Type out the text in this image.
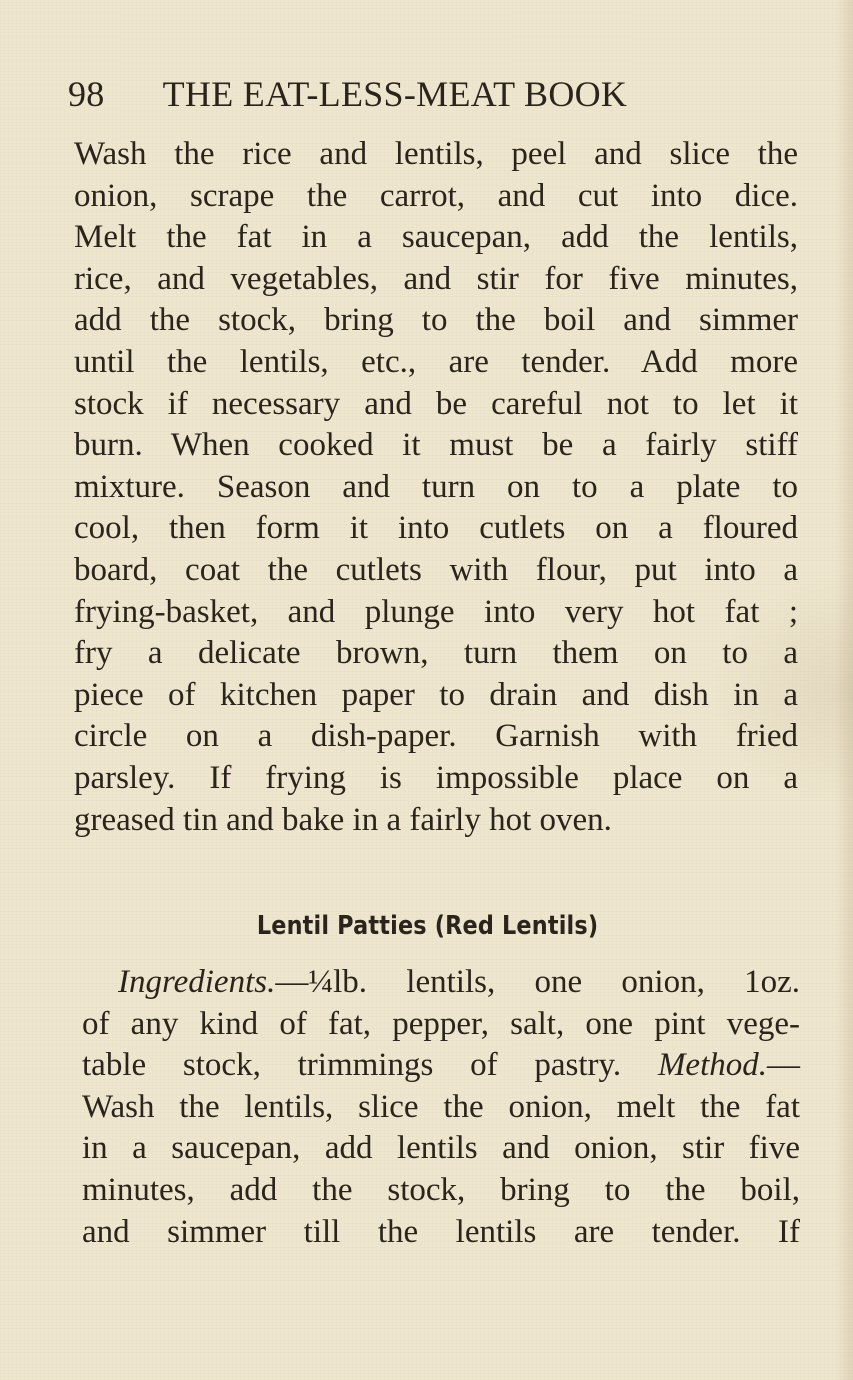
98 THE EAT-LESS-MEAT BOOK
Wash the rice and lentils, peel and slice the
onion, scrape the carrot, and cut into dice.
Melt the fat in a saucepan, add the lentils,
rice, and vegetables, and stir for five minutes,
add the stock, bring to the boil and simmer
until the lentils, etc., are tender. Add more
stock if necessary and be careful not to let it
burn. When cooked it must be a fairly stiff
mixture. Season and turn on to a plate to
cool, then form it into cutlets on a floured
board, coat the cutlets with flour, put into a
frying-basket, and plunge into very hot fat ;
fry a delicate brown, turn them on to a
piece of kitchen paper to drain and dish in a
circle on a dish-paper. Garnish with fried
parsley. If frying is impossible place on a
greased tin and bake in a fairly hot oven.
Lentil Patties (Red Lentils)
Ingredients.—¼lb. lentils, one onion, 1oz.
of any kind of fat, pepper, salt, one pint vege-
table stock, trimmings of pastry. Method.—
Wash the lentils, slice the onion, melt the fat
in a saucepan, add lentils and onion, stir five
minutes, add the stock, bring to the boil,
and simmer till the lentils are tender. If
